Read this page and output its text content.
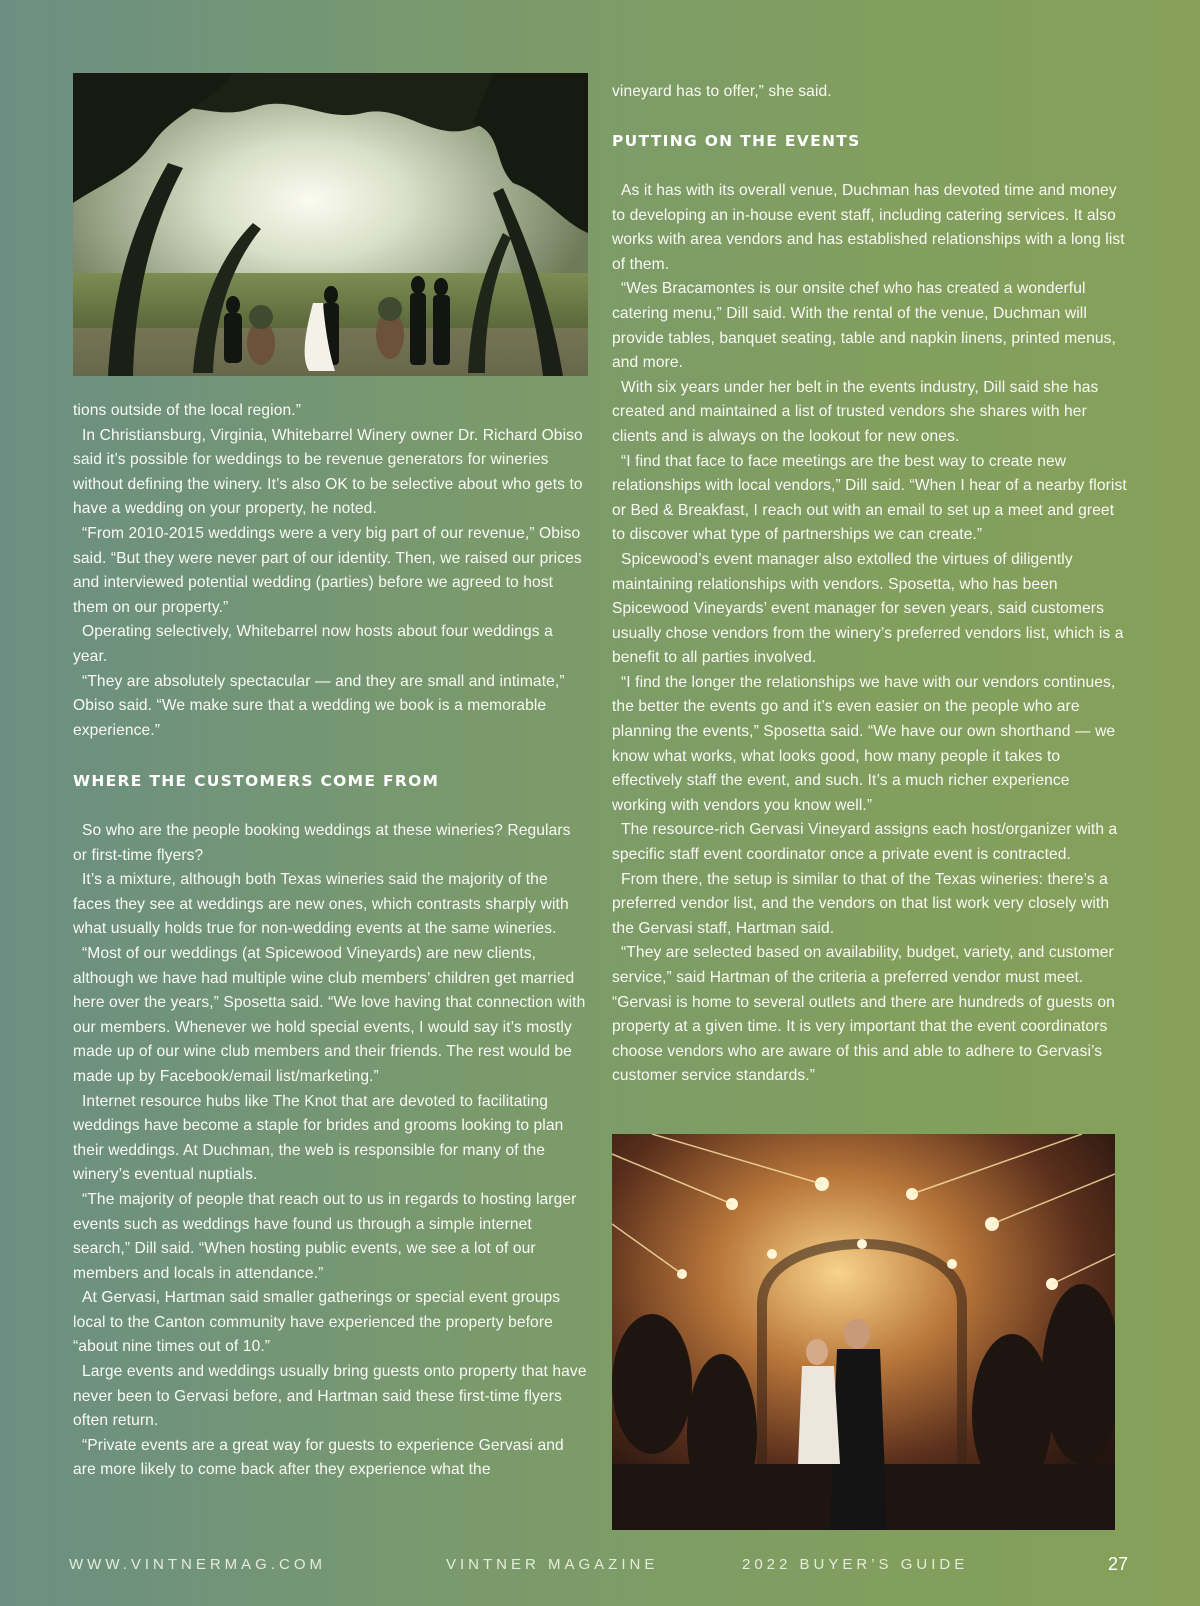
tions outside of the local region.”

In Christiansburg, Virginia, Whitebarrel Winery owner Dr. Richard Obiso said it’s possible for weddings to be revenue generators for wineries without defining the winery. It’s also OK to be selective about who gets to have a wedding on your property, he noted.

“From 2010-2015 weddings were a very big part of our revenue,” Obiso said. “But they were never part of our identity. Then, we raised our prices and interviewed potential wedding (parties) before we agreed to host them on our property.”

Operating selectively, Whitebarrel now hosts about four weddings a year.

“They are absolutely spectacular — and they are small and intimate,” Obiso said. “We make sure that a wedding we book is a memorable experience.”

WHERE THE CUSTOMERS COME FROM

So who are the people booking weddings at these wineries? Regulars or first-time flyers?

It’s a mixture, although both Texas wineries said the majority of the faces they see at weddings are new ones, which contrasts sharply with what usually holds true for non-wedding events at the same wineries.

“Most of our weddings (at Spicewood Vineyards) are new clients, although we have had multiple wine club members’ children get married here over the years,” Sposetta said. “We love having that connection with our members. Whenever we hold special events, I would say it’s mostly made up of our wine club members and their friends. The rest would be made up by Facebook/email list/marketing.”

Internet resource hubs like The Knot that are devoted to facilitating weddings have become a staple for brides and grooms looking to plan their weddings. At Duchman, the web is responsible for many of the winery’s eventual nuptials.

“The majority of people that reach out to us in regards to hosting larger events such as weddings have found us through a simple internet search,” Dill said. “When hosting public events, we see a lot of our members and locals in attendance.”

At Gervasi, Hartman said smaller gatherings or special event groups local to the Canton community have experienced the property before “about nine times out of 10.”

Large events and weddings usually bring guests onto property that have never been to Gervasi before, and Hartman said these first-time flyers often return.

“Private events are a great way for guests to experience Gervasi and are more likely to come back after they experience what the

vineyard has to offer,” she said.

PUTTING ON THE EVENTS

As it has with its overall venue, Duchman has devoted time and money to developing an in-house event staff, including catering services. It also works with area vendors and has established relationships with a long list of them.

“Wes Bracamontes is our onsite chef who has created a wonderful catering menu,” Dill said. With the rental of the venue, Duchman will provide tables, banquet seating, table and napkin linens, printed menus, and more.

With six years under her belt in the events industry, Dill said she has created and maintained a list of trusted vendors she shares with her clients and is always on the lookout for new ones.

“I find that face to face meetings are the best way to create new relationships with local vendors,” Dill said. “When I hear of a nearby florist or Bed & Breakfast, I reach out with an email to set up a meet and greet to discover what type of partnerships we can create.”

Spicewood’s event manager also extolled the virtues of diligently maintaining relationships with vendors. Sposetta, who has been Spicewood Vineyards’ event manager for seven years, said customers usually chose vendors from the winery’s preferred vendors list, which is a benefit to all parties involved.

“I find the longer the relationships we have with our vendors continues, the better the events go and it’s even easier on the people who are planning the events,” Sposetta said. “We have our own shorthand — we know what works, what looks good, how many people it takes to effectively staff the event, and such. It’s a much richer experience working with vendors you know well.”

The resource-rich Gervasi Vineyard assigns each host/organizer with a specific staff event coordinator once a private event is contracted.

From there, the setup is similar to that of the Texas wineries: there’s a preferred vendor list, and the vendors on that list work very closely with the Gervasi staff, Hartman said.

“They are selected based on availability, budget, variety, and customer service,” said Hartman of the criteria a preferred vendor must meet. “Gervasi is home to several outlets and there are hundreds of guests on property at a given time. It is very important that the event coordinators choose vendors who are aware of this and able to adhere to Gervasi’s customer service standards.”

WWW.VINTNERMAG.COM	VINTNER MAGAZINE	2022 BUYER’S GUIDE	27
